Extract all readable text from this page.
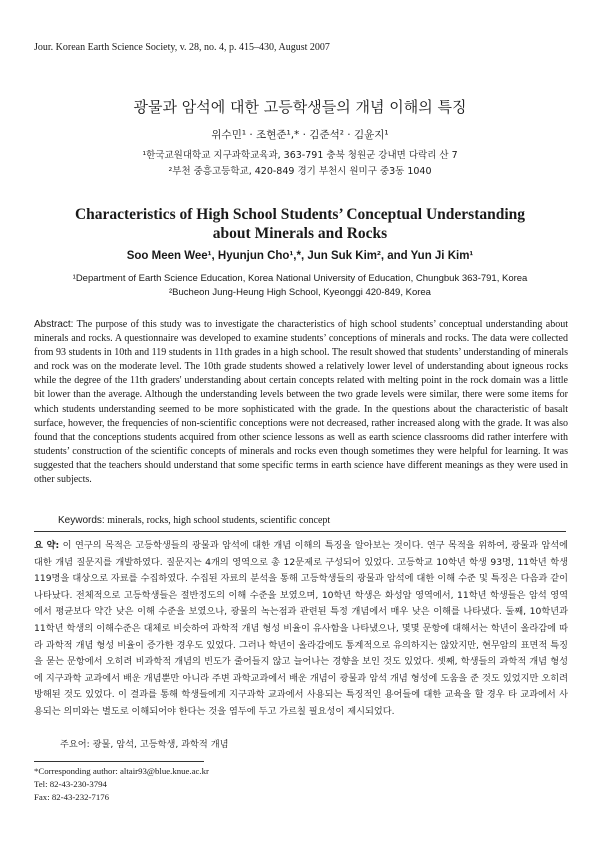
Jour. Korean Earth Science Society, v. 28, no. 4, p. 415–430, August 2007
광물과 암석에 대한 고등학생들의 개념 이해의 특징
위수민¹ · 조현준¹,* · 김준석² · 김윤지¹
¹한국교원대학교 지구과학교육과, 363-791 충북 청원군 강내면 다락리 산 7
²부천 중흥고등학교, 420-849 경기 부천시 원미구 중3동 1040
Characteristics of High School Students’ Conceptual Understanding
about Minerals and Rocks
Soo Meen Wee¹, Hyunjun Cho¹,*, Jun Suk Kim², and Yun Ji Kim¹
¹Department of Earth Science Education, Korea National University of Education, Chungbuk 363-791, Korea
²Bucheon Jung-Heung High School, Kyeonggi 420-849, Korea
Abstract: The purpose of this study was to investigate the characteristics of high school students’ conceptual understanding about minerals and rocks. A questionnaire was developed to examine students’ conceptions of minerals and rocks. The data were collected from 93 students in 10th and 119 students in 11th grades in a high school. The result showed that students’ understanding of minerals and rock was on the moderate level. The 10th grade students showed a relatively lower level of understanding about igneous rocks while the degree of the 11th graders' understanding about certain concepts related with melting point in the rock domain was a little bit lower than the average. Although the understanding levels between the two grade levels were similar, there were some items for which students understanding seemed to be more sophisticated with the grade. In the questions about the characteristic of basalt surface, however, the frequencies of non-scientific conceptions were not decreased, rather increased along with the grade. It was also found that the conceptions students acquired from other science lessons as well as earth science classrooms did rather interfere with students’ construction of the scientific concepts of minerals and rocks even though sometimes they were helpful for learning. It was suggested that the teachers should understand that some specific terms in earth science have different meanings as they were used in other subjects.
Keywords: minerals, rocks, high school students, scientific concept
요 약: 이 연구의 목적은 고등학생들의 광물과 암석에 대한 개념 이해의 특징을 알아보는 것이다. 연구 목적을 위하여, 광물과 암석에 대한 개념 질문지를 개발하였다. 질문지는 4개의 영역으로 총 12문제로 구성되어 있었다. 고등학교 10학년 학생 93명, 11학년 학생 119명을 대상으로 자료를 수집하였다. 수집된 자료의 분석을 통해 고등학생들의 광물과 암석에 대한 이해 수준 및 특징은 다음과 같이 나타났다. 전체적으로 고등학생들은 절반정도의 이해 수준을 보였으며, 10학년 학생은 화성암 영역에서, 11학년 학생들은 암석 영역에서 평균보다 약간 낮은 이해 수준을 보였으나, 광물의 녹는점과 관련된 특정 개념에서 매우 낮은 이해를 나타냈다. 둘째, 10학년과 11학년 학생의 이해수준은 대체로 비슷하여 과학적 개념 형성 비율이 유사함을 나타냈으나, 몇몇 문항에 대해서는 학년이 올라감에 따라 과학적 개념 형성 비율이 증가한 경우도 있었다. 그러나 학년이 올라감에도 통계적으로 유의하지는 않았지만, 현무암의 표면적 특징을 묻는 문항에서 오히려 비과학적 개념의 빈도가 줄어들지 않고 늘어나는 경향을 보인 것도 있었다. 셋째, 학생들의 과학적 개념 형성에 지구과학 교과에서 배운 개념뿐만 아니라 주변 과학교과에서 배운 개념이 광물과 암석 개념 형성에 도움을 준 것도 있었지만 오히려 방해된 것도 있었다. 이 결과를 통해 학생들에게 지구과학 교과에서 사용되는 특징적인 용어들에 대한 교육을 할 경우 타 교과에서 사용되는 의미와는 별도로 이해되어야 한다는 것을 염두에 두고 가르칠 필요성이 제시되었다.
주요어: 광물, 암석, 고등학생, 과학적 개념
*Corresponding author: altair93@blue.knue.ac.kr
Tel: 82-43-230-3794
Fax: 82-43-232-7176
